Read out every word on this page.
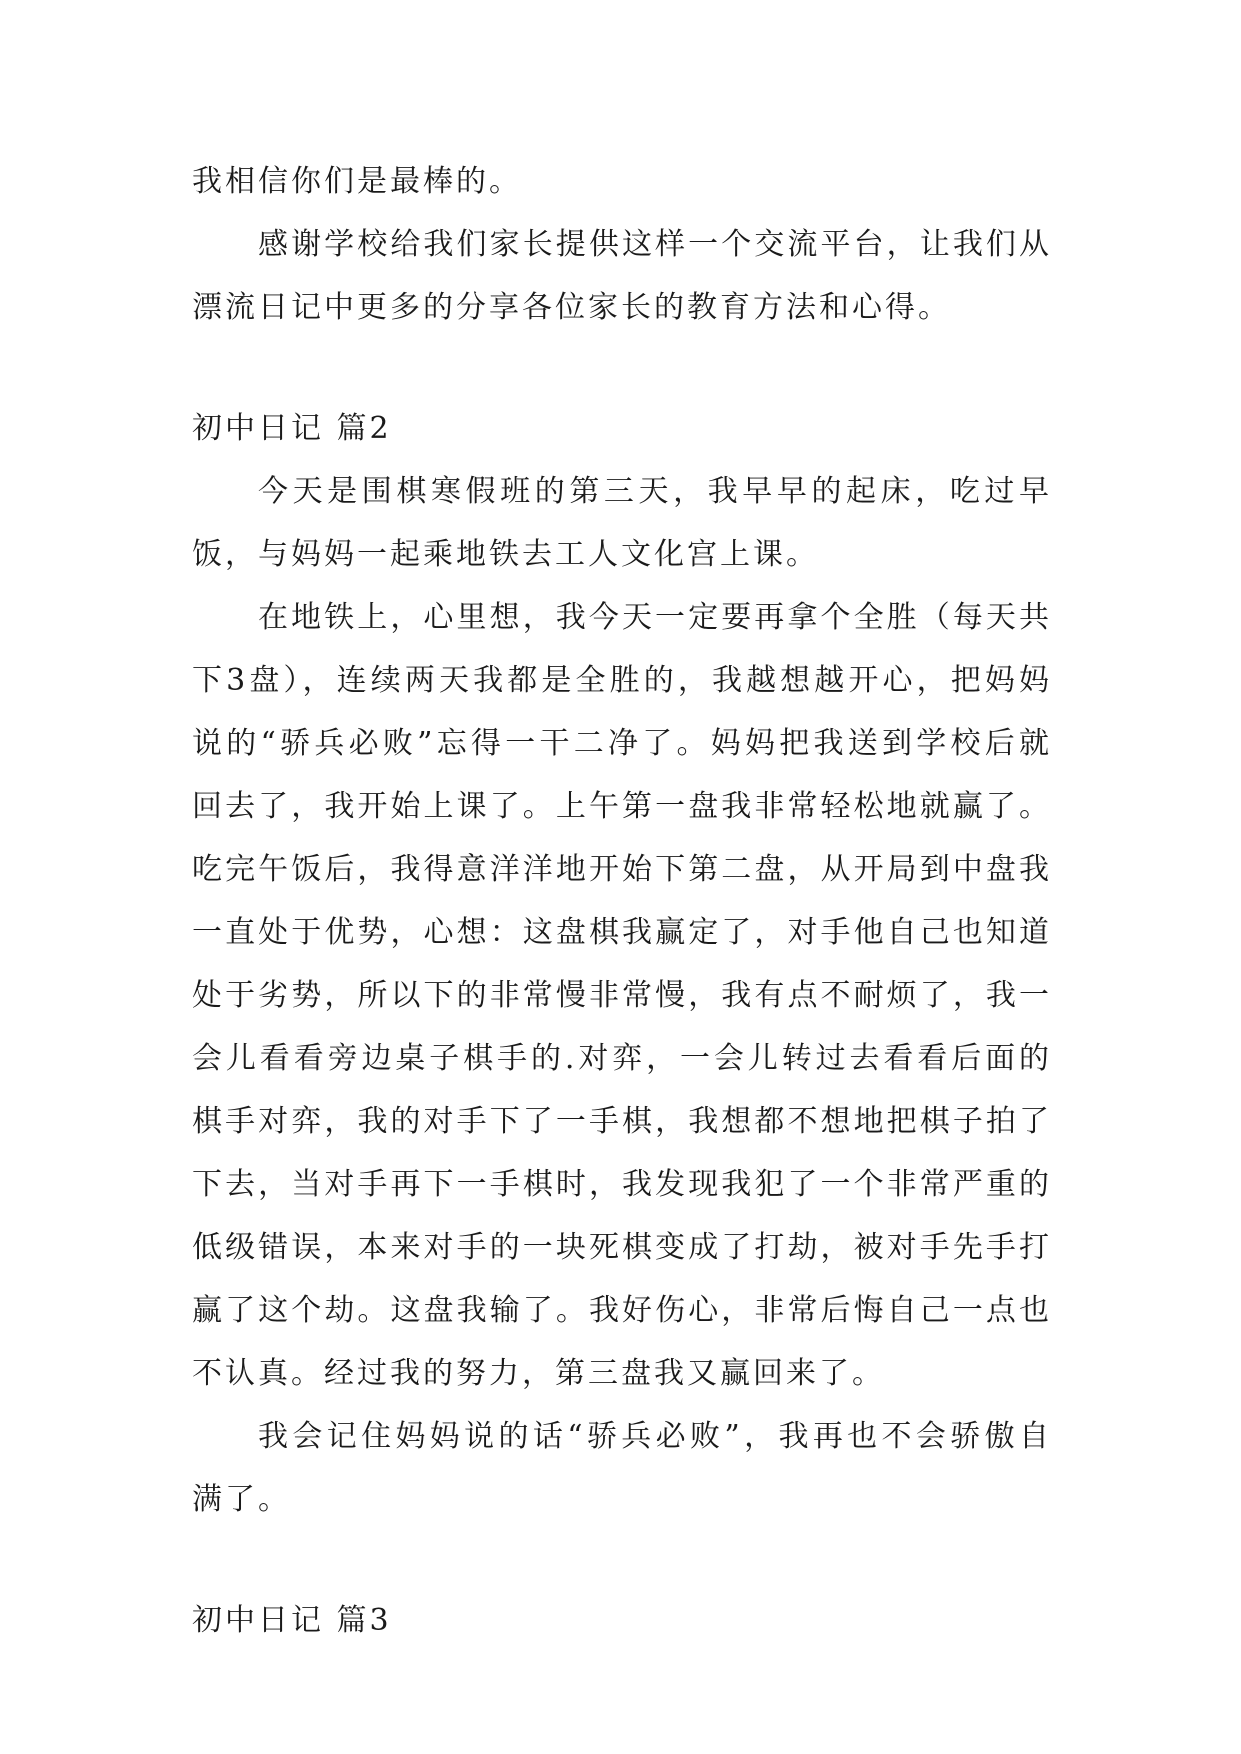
我相信你们是最棒的。

感谢学校给我们家长提供这样一个交流平台，让我们从漂流日记中更多的分享各位家长的教育方法和心得。

初中日记 篇2

今天是围棋寒假班的第三天，我早早的起床，吃过早饭，与妈妈一起乘地铁去工人文化宫上课。

在地铁上，心里想，我今天一定要再拿个全胜（每天共下3盘），连续两天我都是全胜的，我越想越开心，把妈妈说的“骄兵必败”忘得一干二净了。妈妈把我送到学校后就回去了，我开始上课了。上午第一盘我非常轻松地就赢了。吃完午饭后，我得意洋洋地开始下第二盘，从开局到中盘我一直处于优势，心想：这盘棋我赢定了，对手他自己也知道处于劣势，所以下的非常慢非常慢，我有点不耐烦了，我一会儿看看旁边桌子棋手的.对弈，一会儿转过去看看后面的棋手对弈，我的对手下了一手棋，我想都不想地把棋子拍了下去，当对手再下一手棋时，我发现我犯了一个非常严重的低级错误，本来对手的一块死棋变成了打劫，被对手先手打赢了这个劫。这盘我输了。我好伤心，非常后悔自己一点也不认真。经过我的努力，第三盘我又赢回来了。

我会记住妈妈说的话“骄兵必败”，我再也不会骄傲自满了。

初中日记 篇3
